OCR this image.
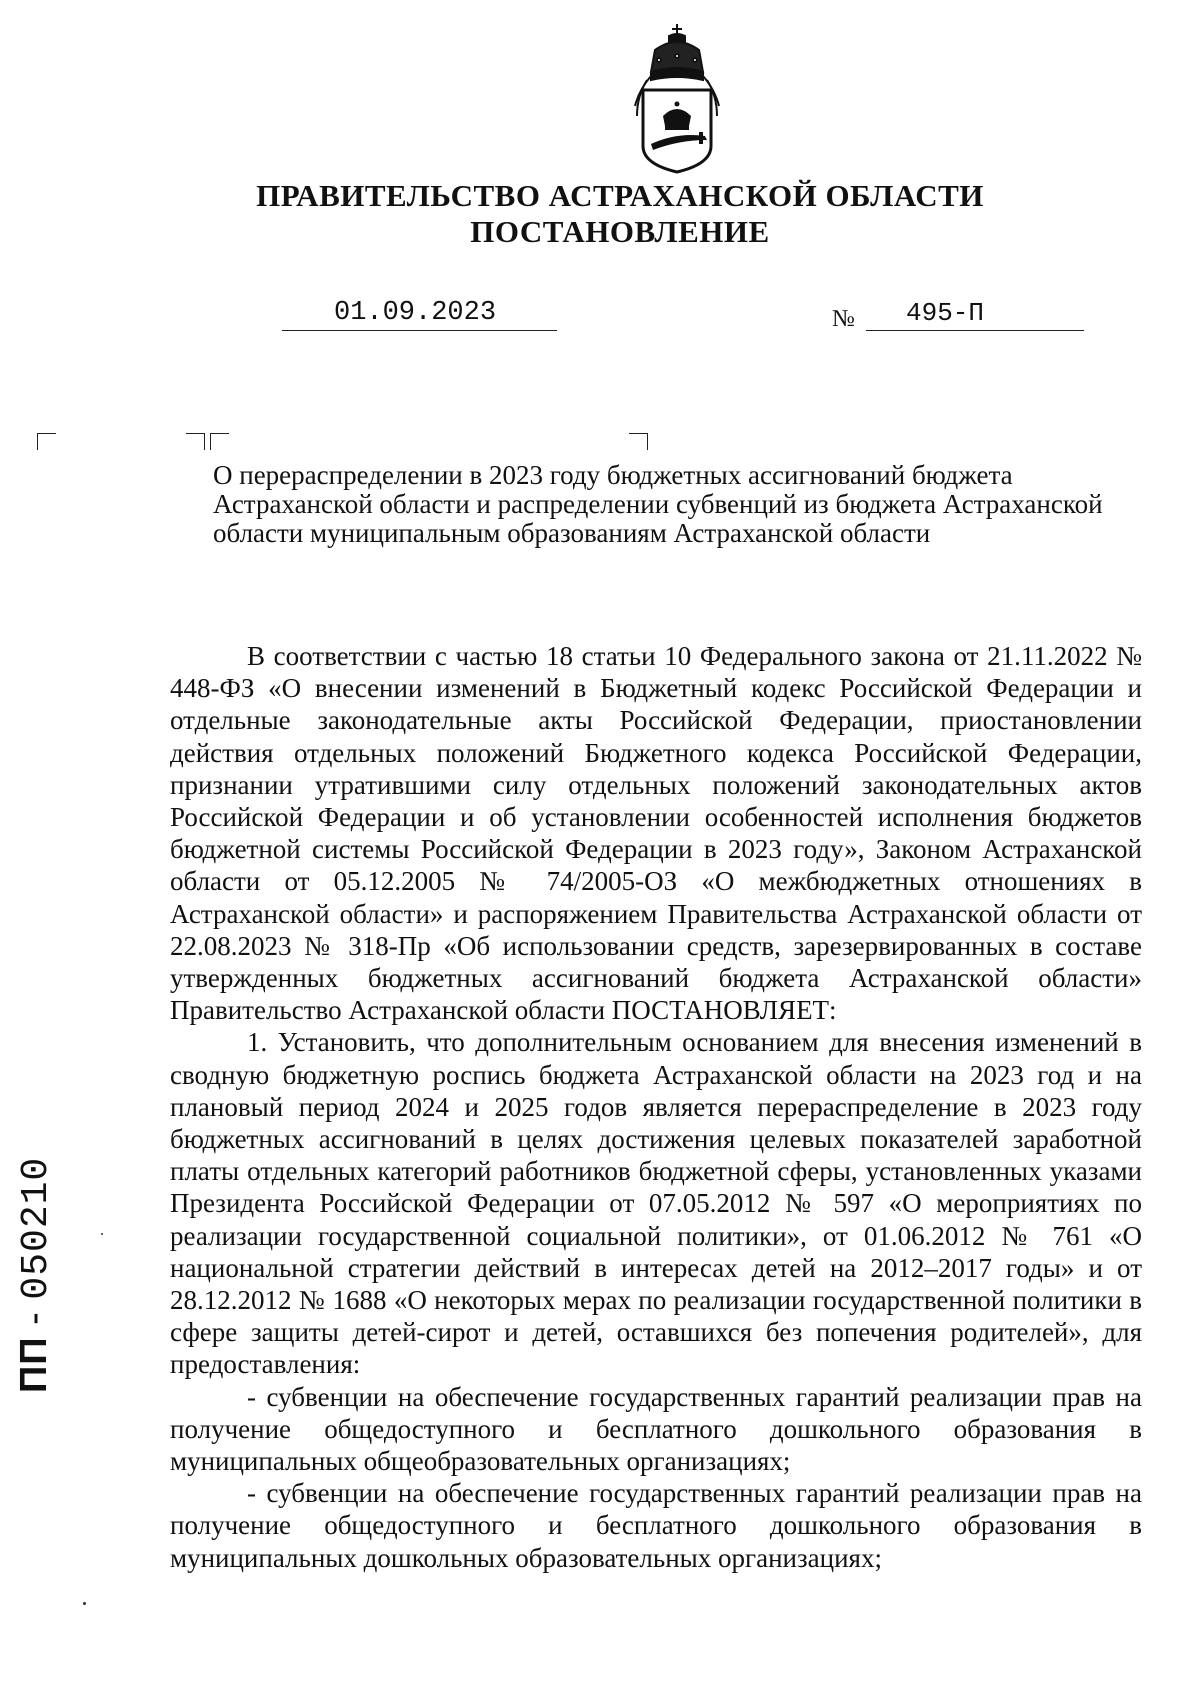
ПРАВИТЕЛЬСТВО АСТРАХАНСКОЙ ОБЛАСТИ
ПОСТАНОВЛЕНИЕ
01.09.2023	№ 495-П
О перераспределении в 2023 году бюджетных ассигнований бюджета Астраханской области и распределении субвенций из бюджета Астраханской области муниципальным образованиям Астраханской области

В соответствии с частью 18 статьи 10 Федерального закона от 21.11.2022 № 448-ФЗ «О внесении изменений в Бюджетный кодекс Российской Федерации и отдельные законодательные акты Российской Федерации, приостановлении действия отдельных положений Бюджетного кодекса Российской Федерации, признании утратившими силу отдельных положений законодательных актов Российской Федерации и об установлении особенностей исполнения бюджетов бюджетной системы Российской Федерации в 2023 году», Законом Астраханской области от 05.12.2005 № 74/2005-ОЗ «О межбюджетных отношениях в Астраханской области» и распоряжением Правительства Астраханской области от 22.08.2023 № 318-Пр «Об использовании средств, зарезервированных в составе утвержденных бюджетных ассигнований бюджета Астраханской области» Правительство Астраханской области ПОСТАНОВЛЯЕТ:

1. Установить, что дополнительным основанием для внесения изменений в сводную бюджетную роспись бюджета Астраханской области на 2023 год и на плановый период 2024 и 2025 годов является перераспределение в 2023 году бюджетных ассигнований в целях достижения целевых показателей заработной платы отдельных категорий работников бюджетной сферы, установленных указами Президента Российской Федерации от 07.05.2012 № 597 «О мероприятиях по реализации государственной социальной политики», от 01.06.2012 № 761 «О национальной стратегии действий в интересах детей на 2012–2017 годы» и от 28.12.2012 № 1688 «О некоторых мерах по реализации государственной политики в сфере защиты детей-сирот и детей, оставшихся без попечения родителей», для предоставления:

- субвенции на обеспечение государственных гарантий реализации прав на получение общедоступного и бесплатного дошкольного образования в муниципальных общеобразовательных организациях;

- субвенции на обеспечение государственных гарантий реализации прав на получение общедоступного и бесплатного дошкольного образования в муниципальных дошкольных образовательных организациях;

ПП - 050210
